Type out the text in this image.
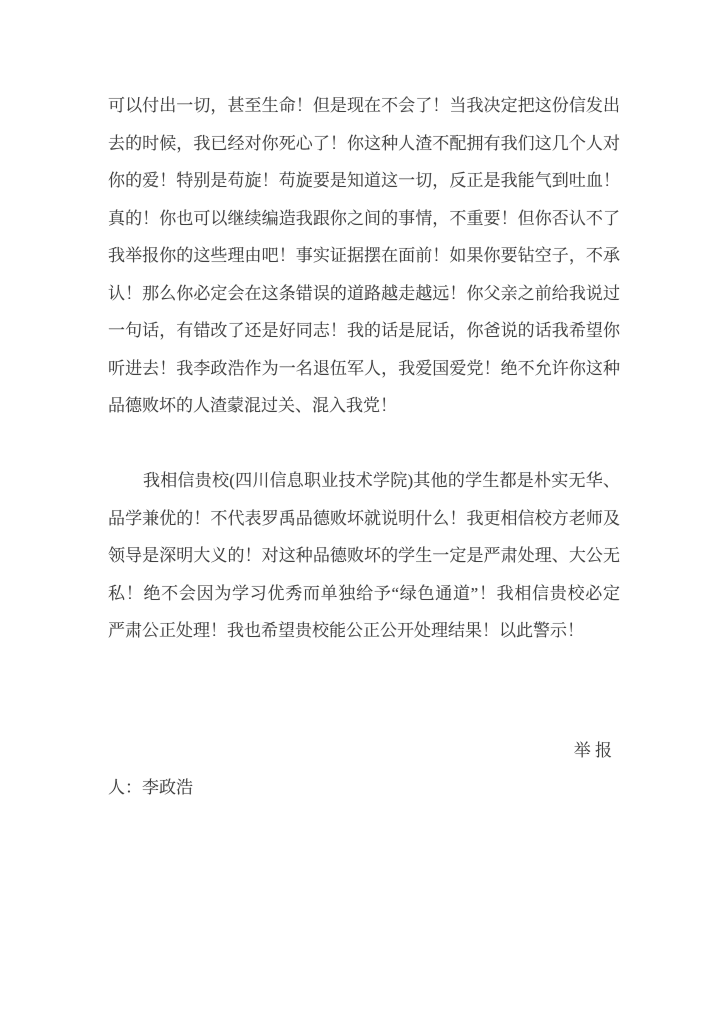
可以付出一切，甚至生命！但是现在不会了！当我决定把这份信发出
去的时候，我已经对你死心了！你这种人渣不配拥有我们这几个人对
你的爱！特别是苟旋！苟旋要是知道这一切，反正是我能气到吐血！
真的！你也可以继续编造我跟你之间的事情，不重要！但你否认不了
我举报你的这些理由吧！事实证据摆在面前！如果你要钻空子，不承
认！那么你必定会在这条错误的道路越走越远！你父亲之前给我说过
一句话，有错改了还是好同志！我的话是屁话，你爸说的话我希望你
听进去！我李政浩作为一名退伍军人，我爱国爱党！绝不允许你这种
品德败坏的人渣蒙混过关、混入我党！
我相信贵校(四川信息职业技术学院)其他的学生都是朴实无华、
品学兼优的！不代表罗禹品德败坏就说明什么！我更相信校方老师及
领导是深明大义的！对这种品德败坏的学生一定是严肃处理、大公无
私！绝不会因为学习优秀而单独给予“绿色通道”！我相信贵校必定
严肃公正处理！我也希望贵校能公正公开处理结果！以此警示！
举 报
人：李政浩
